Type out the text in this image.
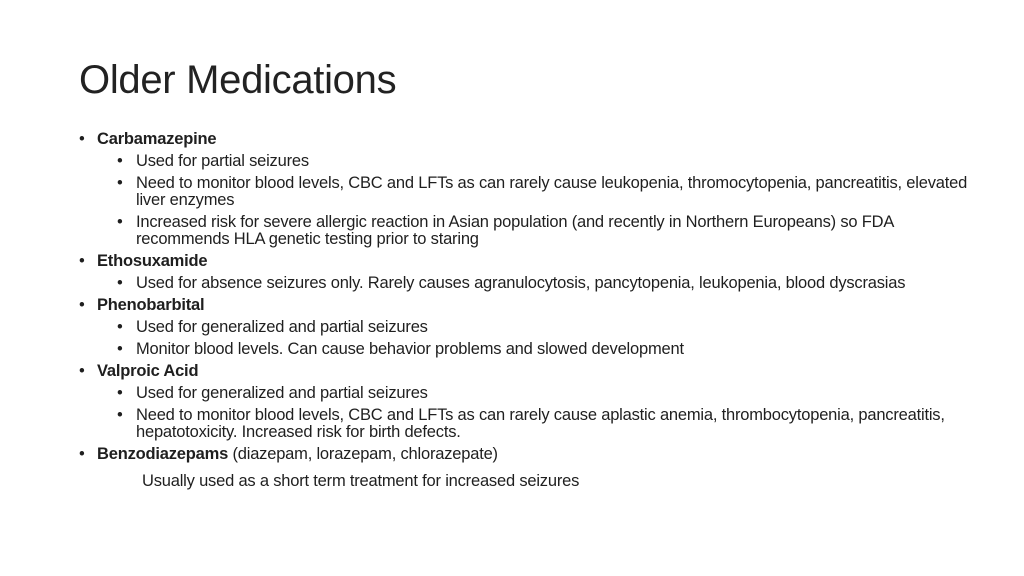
Older Medications
• Carbamazepine
• Used for partial seizures
• Need to monitor blood levels, CBC and LFTs as can rarely cause leukopenia, thromocytopenia, pancreatitis, elevated liver enzymes
• Increased risk for severe allergic reaction in Asian population (and recently in Northern Europeans) so FDA recommends HLA genetic testing prior to staring
• Ethosuxamide
• Used for absence seizures only. Rarely causes agranulocytosis, pancytopenia, leukopenia, blood dyscrasias
• Phenobarbital
• Used for generalized and partial seizures
• Monitor blood levels. Can cause behavior problems and slowed development
• Valproic Acid
• Used for generalized and partial seizures
• Need to monitor blood levels, CBC and LFTs as can rarely cause aplastic anemia, thrombocytopenia, pancreatitis, hepatotoxicity. Increased risk for birth defects.
• Benzodiazepams (diazepam, lorazepam, chlorazepate)
Usually used as a short term treatment for increased seizures
